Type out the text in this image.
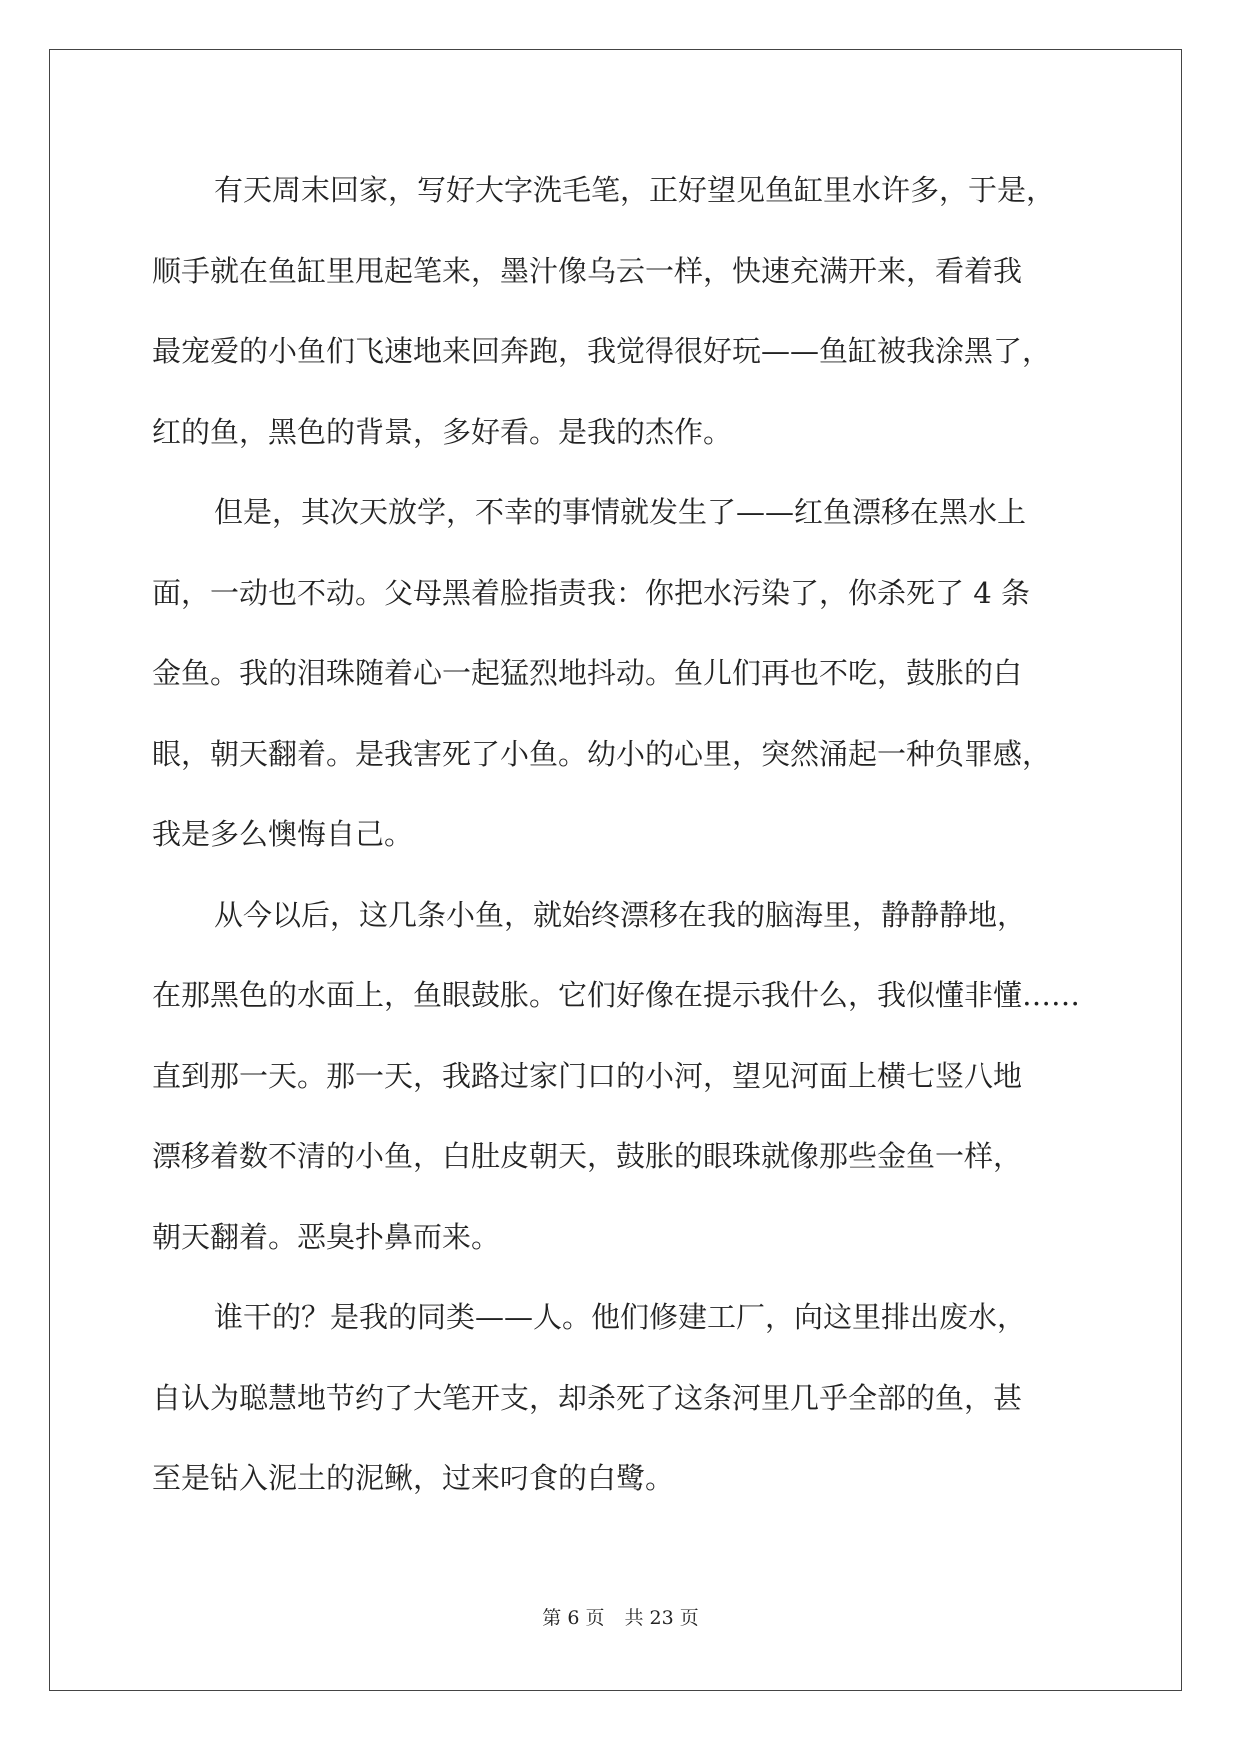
有天周末回家，写好大字洗毛笔，正好望见鱼缸里水许多，于是，
顺手就在鱼缸里甩起笔来，墨汁像乌云一样，快速充满开来，看着我
最宠爱的小鱼们飞速地来回奔跑，我觉得很好玩——鱼缸被我涂黑了，
红的鱼，黑色的背景，多好看。是我的杰作。
但是，其次天放学，不幸的事情就发生了——红鱼漂移在黑水上
面，一动也不动。父母黑着脸指责我：你把水污染了，你杀死了 4 条
金鱼。我的泪珠随着心一起猛烈地抖动。鱼儿们再也不吃，鼓胀的白
眼，朝天翻着。是我害死了小鱼。幼小的心里，突然涌起一种负罪感，
我是多么懊悔自己。
从今以后，这几条小鱼，就始终漂移在我的脑海里，静静静地，
在那黑色的水面上，鱼眼鼓胀。它们好像在提示我什么，我似懂非懂……
直到那一天。那一天，我路过家门口的小河，望见河面上横七竖八地
漂移着数不清的小鱼，白肚皮朝天，鼓胀的眼珠就像那些金鱼一样，
朝天翻着。恶臭扑鼻而来。
谁干的？是我的同类——人。他们修建工厂，向这里排出废水，
自认为聪慧地节约了大笔开支，却杀死了这条河里几乎全部的鱼，甚
至是钻入泥土的泥鳅，过来叼食的白鹭。
第 6 页 共 23 页
